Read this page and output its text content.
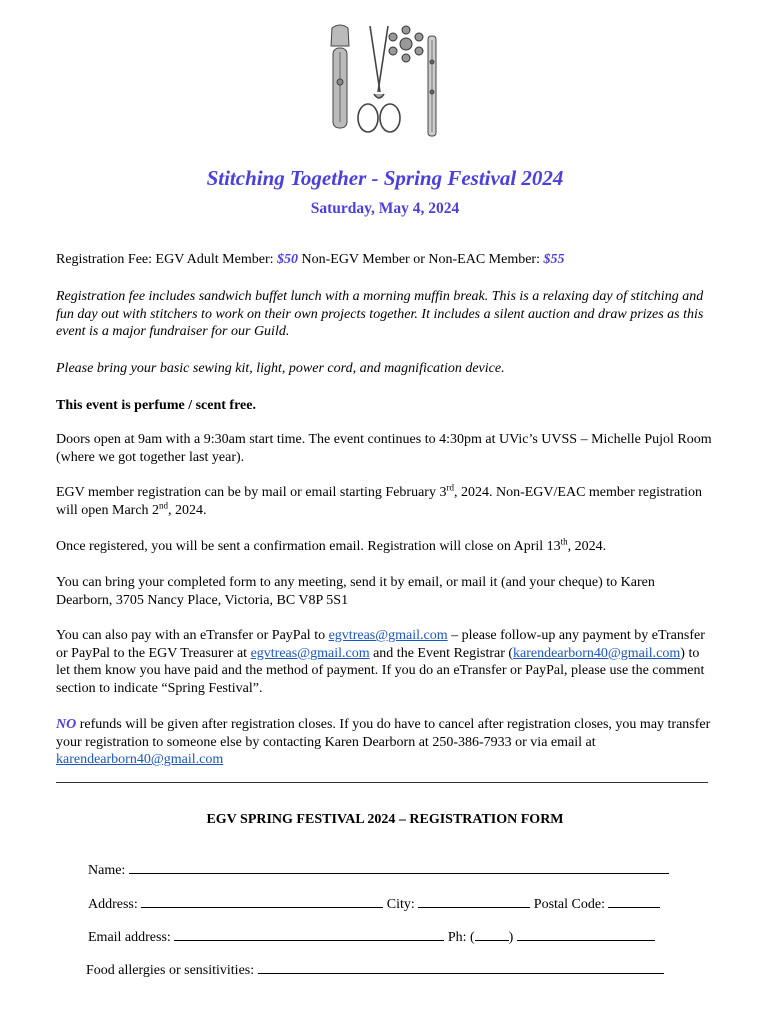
Stitching Together - Spring Festival 2024
Saturday, May 4, 2024

Registration Fee: EGV Adult Member: $50 Non-EGV Member or Non-EAC Member: $55

Registration fee includes sandwich buffet lunch with a morning muffin break. This is a relaxing day of stitching and fun day out with stitchers to work on their own projects together. It includes a silent auction and draw prizes as this event is a major fundraiser for our Guild.

Please bring your basic sewing kit, light, power cord, and magnification device.

This event is perfume / scent free.

Doors open at 9am with a 9:30am start time. The event continues to 4:30pm at UVic’s UVSS – Michelle Pujol Room (where we got together last year).

EGV member registration can be by mail or email starting February 3rd, 2024. Non-EGV/EAC member registration will open March 2nd, 2024.

Once registered, you will be sent a confirmation email. Registration will close on April 13th, 2024.

You can bring your completed form to any meeting, send it by email, or mail it (and your cheque) to Karen Dearborn, 3705 Nancy Place, Victoria, BC V8P 5S1

You can also pay with an eTransfer or PayPal to egvtreas@gmail.com – please follow-up any payment by eTransfer or PayPal to the EGV Treasurer at egvtreas@gmail.com and the Event Registrar (karendearborn40@gmail.com) to let them know you have paid and the method of payment. If you do an eTransfer or PayPal, please use the comment section to indicate “Spring Festival”.

NO refunds will be given after registration closes. If you do have to cancel after registration closes, you may transfer your registration to someone else by contacting Karen Dearborn at 250-386-7933 or via email at karendearborn40@gmail.com

EGV SPRING FESTIVAL 2024 – REGISTRATION FORM
Name:
Address:	City:	Postal Code:
Email address:	Ph: ( )
Food allergies or sensitivities:
